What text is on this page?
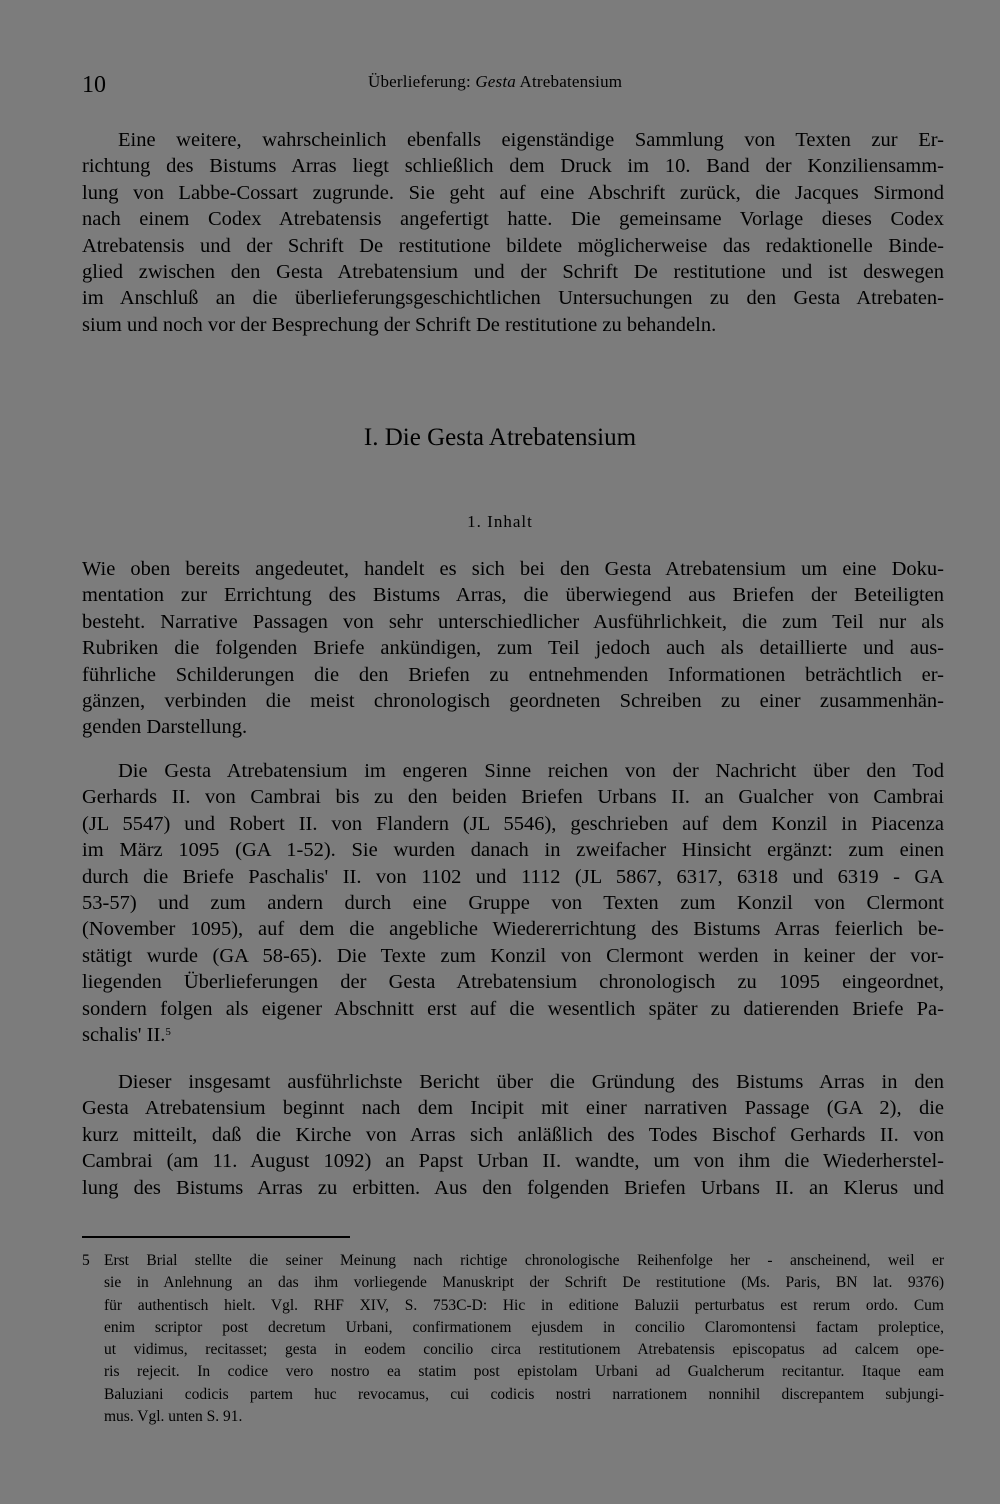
10	Überlieferung: Gesta Atrebatensium
Eine weitere, wahrscheinlich ebenfalls eigenständige Sammlung von Texten zur Er-
richtung des Bistums Arras liegt schließlich dem Druck im 10. Band der Konziliensamm-
lung von Labbe-Cossart zugrunde. Sie geht auf eine Abschrift zurück, die Jacques Sirmond
nach einem Codex Atrebatensis angefertigt hatte. Die gemeinsame Vorlage dieses Codex
Atrebatensis und der Schrift De restitutione bildete möglicherweise das redaktionelle Binde-
glied zwischen den Gesta Atrebatensium und der Schrift De restitutione und ist deswegen
im Anschluß an die überlieferungsgeschichtlichen Untersuchungen zu den Gesta Atrebaten-
sium und noch vor der Besprechung der Schrift De restitutione zu behandeln.
I. Die Gesta Atrebatensium
1. Inhalt
Wie oben bereits angedeutet, handelt es sich bei den Gesta Atrebatensium um eine Doku-
mentation zur Errichtung des Bistums Arras, die überwiegend aus Briefen der Beteiligten
besteht. Narrative Passagen von sehr unterschiedlicher Ausführlichkeit, die zum Teil nur als
Rubriken die folgenden Briefe ankündigen, zum Teil jedoch auch als detaillierte und aus-
führliche Schilderungen die den Briefen zu entnehmenden Informationen beträchtlich er-
gänzen, verbinden die meist chronologisch geordneten Schreiben zu einer zusammenhän-
genden Darstellung.
Die Gesta Atrebatensium im engeren Sinne reichen von der Nachricht über den Tod
Gerhards II. von Cambrai bis zu den beiden Briefen Urbans II. an Gualcher von Cambrai
(JL 5547) und Robert II. von Flandern (JL 5546), geschrieben auf dem Konzil in Piacenza
im März 1095 (GA 1-52). Sie wurden danach in zweifacher Hinsicht ergänzt: zum einen
durch die Briefe Paschalis' II. von 1102 und 1112 (JL 5867, 6317, 6318 und 6319 - GA
53-57) und zum andern durch eine Gruppe von Texten zum Konzil von Clermont
(November 1095), auf dem die angebliche Wiedererrichtung des Bistums Arras feierlich be-
stätigt wurde (GA 58-65). Die Texte zum Konzil von Clermont werden in keiner der vor-
liegenden Überlieferungen der Gesta Atrebatensium chronologisch zu 1095 eingeordnet,
sondern folgen als eigener Abschnitt erst auf die wesentlich später zu datierenden Briefe Pa-
schalis' II.$^5$
Dieser insgesamt ausführlichste Bericht über die Gründung des Bistums Arras in den
Gesta Atrebatensium beginnt nach dem Incipit mit einer narrativen Passage (GA 2), die
kurz mitteilt, daß die Kirche von Arras sich anläßlich des Todes Bischof Gerhards II. von
Cambrai (am 11. August 1092) an Papst Urban II. wandte, um von ihm die Wiederherstel-
lung des Bistums Arras zu erbitten. Aus den folgenden Briefen Urbans II. an Klerus und
5 Erst Brial stellte die seiner Meinung nach richtige chronologische Reihenfolge her - anscheinend, weil er
sie in Anlehnung an das ihm vorliegende Manuskript der Schrift De restitutione (Ms. Paris, BN lat. 9376)
für authentisch hielt. Vgl. RHF XIV, S. 753C-D: Hic in editione Baluzii perturbatus est rerum ordo. Cum
enim scriptor post decretum Urbani, confirmationem ejusdem in concilio Claromontensi factam proleptice,
ut vidimus, recitasset; gesta in eodem concilio circa restitutionem Atrebatensis episcopatus ad calcem ope-
ris rejecit. In codice vero nostro ea statim post epistolam Urbani ad Gualcherum recitantur. Itaque eam
Baluziani codicis partem huc revocamus, cui codicis nostri narrationem nonnihil discrepantem subjungi-
mus. Vgl. unten S. 91.
